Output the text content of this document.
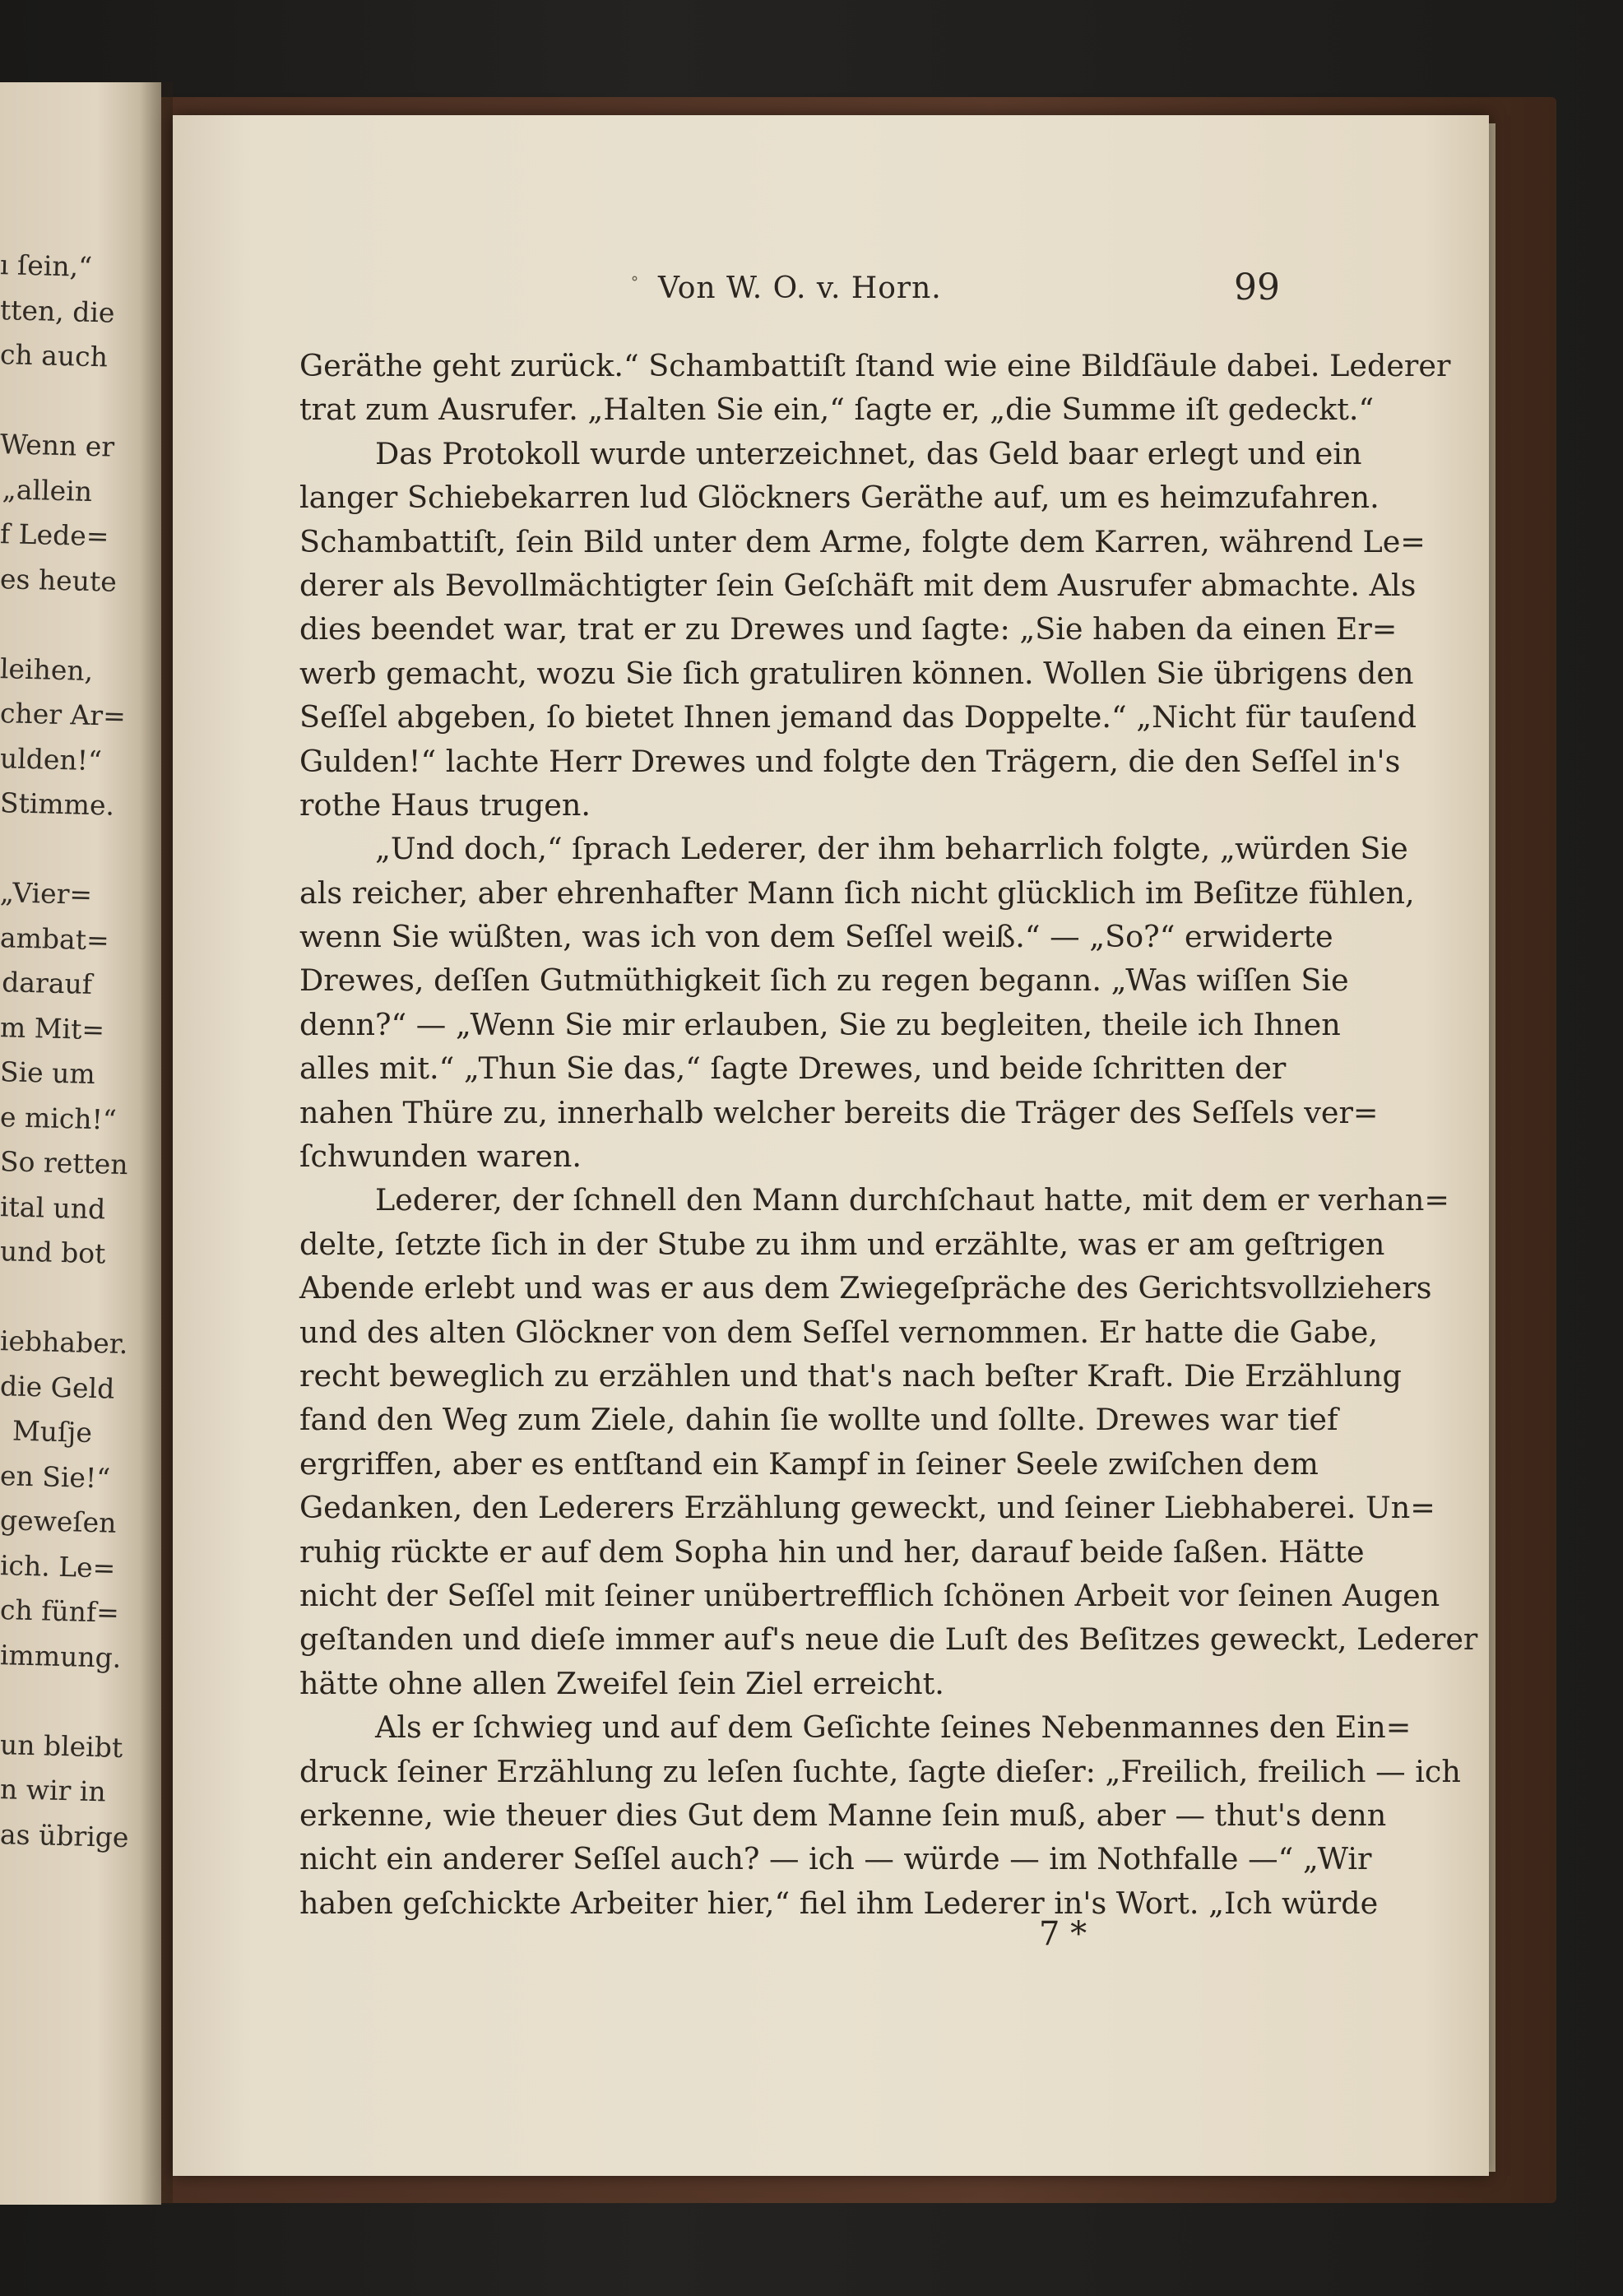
ı ſein,“
tten, die
ch auch
Wenn er
„allein
f Lede=
es heute
leihen,
cher Ar=
ulden!“
Stimme.
„Vier=
ambat=
darauf
m Mit=
Sie um
e mich!“
So retten
ital und
und bot
iebhaber.
die Geld
Muſje
en Sie!“
geweſen
ich. Le=
ch fünf=
immung.
un bleibt
n wir in
as übrige
˚ Von W. O. v. Horn.	99
Geräthe geht zurück.“ Schambattiſt ſtand wie eine Bildſäule dabei. Lederer
trat zum Ausrufer. „Halten Sie ein,“ ſagte er, „die Summe iſt gedeckt.“
Das Protokoll wurde unterzeichnet, das Geld baar erlegt und ein
langer Schiebekarren lud Glöckners Geräthe auf, um es heimzufahren.
Schambattiſt, ſein Bild unter dem Arme, folgte dem Karren, während Le=
derer als Bevollmächtigter ſein Geſchäft mit dem Ausrufer abmachte. Als
dies beendet war, trat er zu Drewes und ſagte: „Sie haben da einen Er=
werb gemacht, wozu Sie ſich gratuliren können. Wollen Sie übrigens den
Seſſel abgeben, ſo bietet Ihnen jemand das Doppelte.“ „Nicht für tauſend
Gulden!“ lachte Herr Drewes und folgte den Trägern, die den Seſſel in's
rothe Haus trugen.
„Und doch,“ ſprach Lederer, der ihm beharrlich folgte, „würden Sie
als reicher, aber ehrenhafter Mann ſich nicht glücklich im Beſitze fühlen,
wenn Sie wüßten, was ich von dem Seſſel weiß.“ — „So?“ erwiderte
Drewes, deſſen Gutmüthigkeit ſich zu regen begann. „Was wiſſen Sie
denn?“ — „Wenn Sie mir erlauben, Sie zu begleiten, theile ich Ihnen
alles mit.“ „Thun Sie das,“ ſagte Drewes, und beide ſchritten der
nahen Thüre zu, innerhalb welcher bereits die Träger des Seſſels ver=
ſchwunden waren.
Lederer, der ſchnell den Mann durchſchaut hatte, mit dem er verhan=
delte, ſetzte ſich in der Stube zu ihm und erzählte, was er am geſtrigen
Abende erlebt und was er aus dem Zwiegeſpräche des Gerichtsvollziehers
und des alten Glöckner von dem Seſſel vernommen. Er hatte die Gabe,
recht beweglich zu erzählen und that's nach beſter Kraft. Die Erzählung
fand den Weg zum Ziele, dahin ſie wollte und ſollte. Drewes war tief
ergriffen, aber es entſtand ein Kampf in ſeiner Seele zwiſchen dem
Gedanken, den Lederers Erzählung geweckt, und ſeiner Liebhaberei. Un=
ruhig rückte er auf dem Sopha hin und her, darauf beide ſaßen. Hätte
nicht der Seſſel mit ſeiner unübertrefflich ſchönen Arbeit vor ſeinen Augen
geſtanden und dieſe immer auf's neue die Luſt des Beſitzes geweckt, Lederer
hätte ohne allen Zweifel ſein Ziel erreicht.
Als er ſchwieg und auf dem Geſichte ſeines Nebenmannes den Ein=
druck ſeiner Erzählung zu leſen ſuchte, ſagte dieſer: „Freilich, freilich — ich
erkenne, wie theuer dies Gut dem Manne ſein muß, aber — thut's denn
nicht ein anderer Seſſel auch? — ich — würde — im Nothfalle —“ „Wir
haben geſchickte Arbeiter hier,“ fiel ihm Lederer in's Wort. „Ich würde
7 *
